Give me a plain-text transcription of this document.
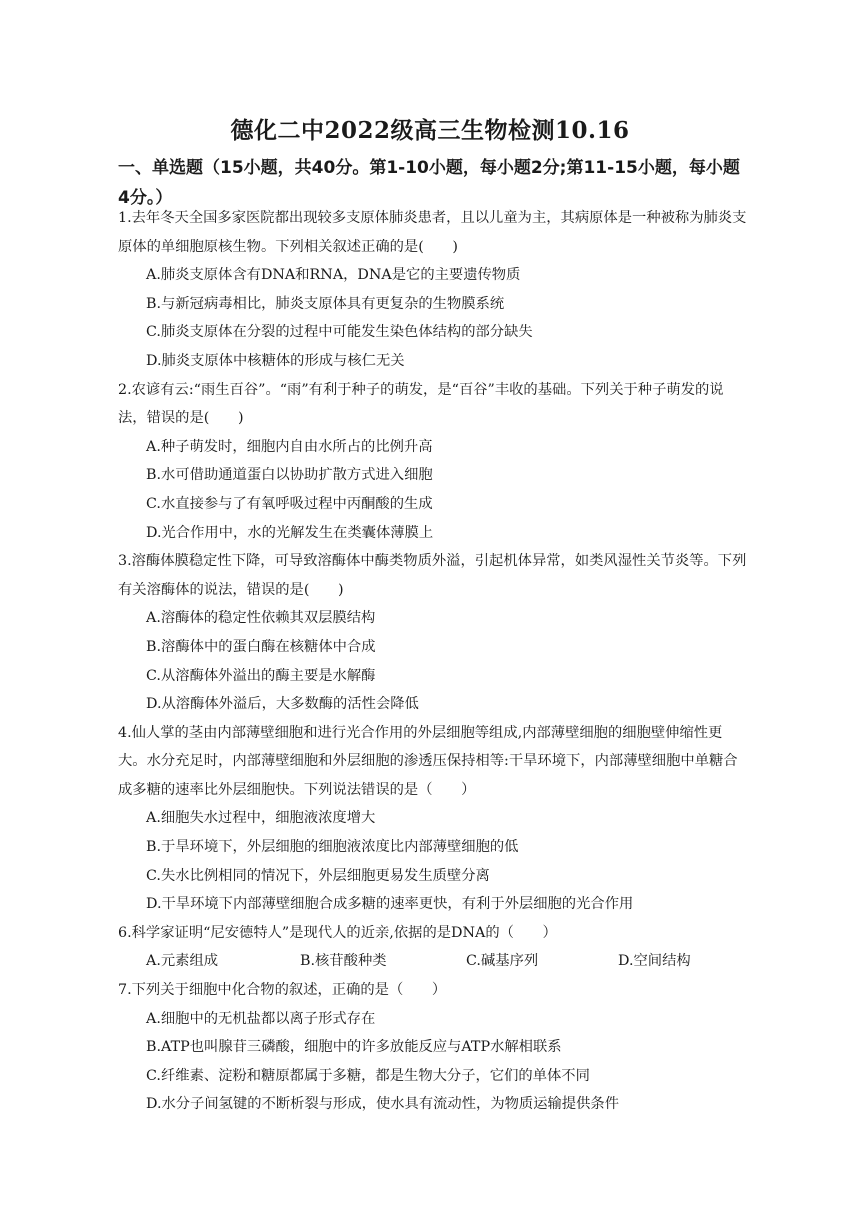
德化二中2022级高三生物检测10.16
一、单选题（15小题，共40分。第1-10小题，每小题2分;第11-15小题，每小题4分。）

1.去年冬天全国多家医院都出现较多支原体肺炎患者，且以儿童为主，其病原体是一种被称为肺炎支原体的单细胞原核生物。下列相关叙述正确的是(　　)

A.肺炎支原体含有DNA和RNA，DNA是它的主要遗传物质

B.与新冠病毒相比，肺炎支原体具有更复杂的生物膜系统

C.肺炎支原体在分裂的过程中可能发生染色体结构的部分缺失

D.肺炎支原体中核糖体的形成与核仁无关

2.农谚有云:“雨生百谷”。“雨”有利于种子的萌发，是“百谷”丰收的基础。下列关于种子萌发的说法，错误的是(　　)

A.种子萌发时，细胞内自由水所占的比例升高

B.水可借助通道蛋白以协助扩散方式进入细胞

C.水直接参与了有氧呼吸过程中丙酮酸的生成

D.光合作用中，水的光解发生在类囊体薄膜上

3.溶酶体膜稳定性下降，可导致溶酶体中酶类物质外溢，引起机体异常，如类风湿性关节炎等。下列有关溶酶体的说法，错误的是(　　)

A.溶酶体的稳定性依赖其双层膜结构

B.溶酶体中的蛋白酶在核糖体中合成

C.从溶酶体外溢出的酶主要是水解酶

D.从溶酶体外溢后，大多数酶的活性会降低

4.仙人掌的茎由内部薄壁细胞和进行光合作用的外层细胞等组成,内部薄壁细胞的细胞壁伸缩性更大。水分充足时，内部薄壁细胞和外层细胞的渗透压保持相等:干旱环境下，内部薄壁细胞中单糖合成多糖的速率比外层细胞快。下列说法错误的是（　　）

A.细胞失水过程中，细胞液浓度增大

B.于旱环境下，外层细胞的细胞液浓度比内部薄壁细胞的低

C.失水比例相同的情况下，外层细胞更易发生质壁分离

D.干旱环境下内部薄壁细胞合成多糖的速率更快，有利于外层细胞的光合作用

6.科学家证明“尼安德特人”是现代人的近亲,依据的是DNA的（　　）

A.元素组成	B.核苷酸种类	C.碱基序列	D.空间结构

7.下列关于细胞中化合物的叙述，正确的是（　　）

A.细胞中的无机盐都以离子形式存在

B.ATP也叫腺苷三磷酸，细胞中的许多放能反应与ATP水解相联系

C.纤维素、淀粉和糖原都属于多糖，都是生物大分子，它们的单体不同

D.水分子间氢键的不断析裂与形成，使水具有流动性，为物质运输提供条件
